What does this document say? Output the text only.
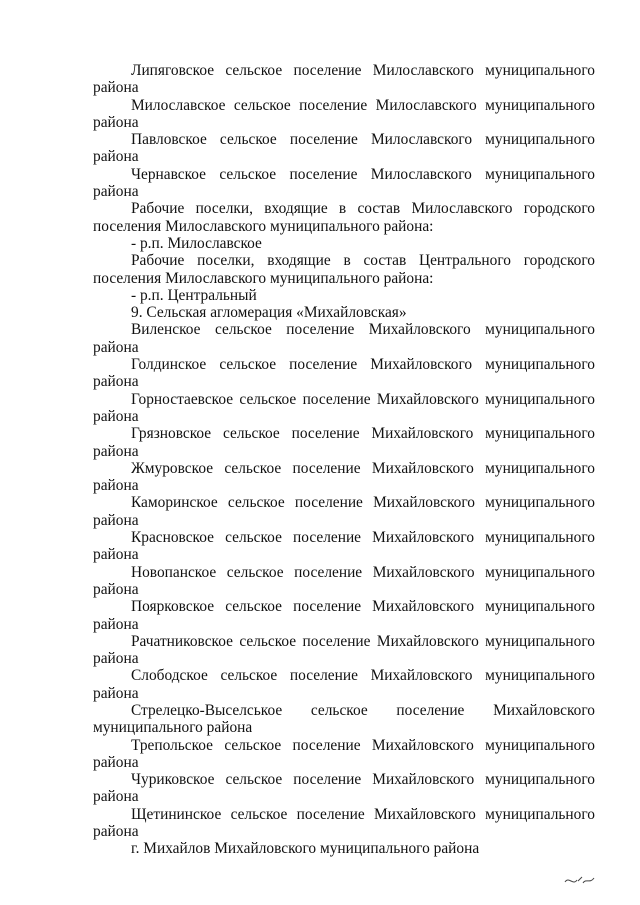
Липяговское сельское поселение Милославского муниципального района

Милославское сельское поселение Милославского муниципального района

Павловское сельское поселение Милославского муниципального района

Чернавское сельское поселение Милославского муниципального района

Рабочие поселки, входящие в состав Милославского городского поселения Милославского муниципального района:

- р.п. Милославское

Рабочие поселки, входящие в состав Центрального городского поселения Милославского муниципального района:

- р.п. Центральный

9. Сельская агломерация «Михайловская»

Виленское сельское поселение Михайловского муниципального района

Голдинское сельское поселение Михайловского муниципального района

Горностаевское сельское поселение Михайловского муниципального района

Грязновское сельское поселение Михайловского муниципального района

Жмуровское сельское поселение Михайловского муниципального района

Каморинское сельское поселение Михайловского муниципального района

Красновское сельское поселение Михайловского муниципального района

Новопанское сельское поселение Михайловского муниципального района

Поярковское сельское поселение Михайловского муниципального района

Рачатниковское сельское поселение Михайловского муниципального района

Слободское сельское поселение Михайловского муниципального района

Стрелецко-Выселськое сельское поселение Михайловского муниципального района

Трепольское сельское поселение Михайловского муниципального района

Чуриковское сельское поселение Михайловского муниципального района

Щетининское сельское поселение Михайловского муниципального района

г. Михайлов Михайловского муниципального района
